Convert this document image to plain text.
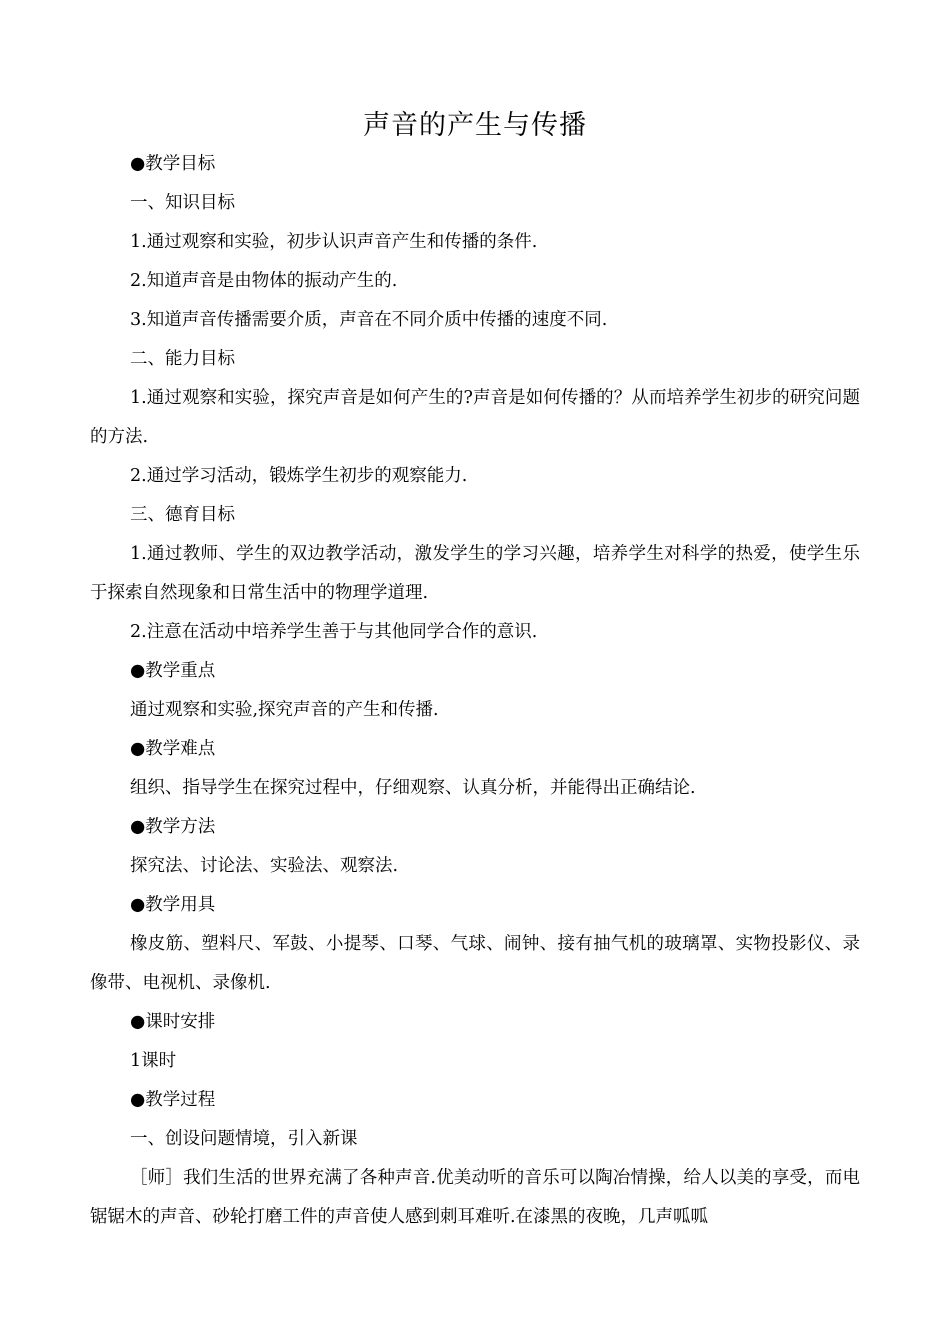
声音的产生与传播

●教学目标

一、知识目标

1.通过观察和实验，初步认识声音产生和传播的条件.

2.知道声音是由物体的振动产生的.

3.知道声音传播需要介质，声音在不同介质中传播的速度不同.

二、能力目标

1.通过观察和实验，探究声音是如何产生的?声音是如何传播的？从而培养学生初步的研究问题的方法.

2.通过学习活动，锻炼学生初步的观察能力.

三、德育目标

1.通过教师、学生的双边教学活动，激发学生的学习兴趣，培养学生对科学的热爱，使学生乐于探索自然现象和日常生活中的物理学道理.

2.注意在活动中培养学生善于与其他同学合作的意识.

●教学重点

通过观察和实验,探究声音的产生和传播.

●教学难点

组织、指导学生在探究过程中，仔细观察、认真分析，并能得出正确结论.

●教学方法

探究法、讨论法、实验法、观察法.

●教学用具

橡皮筋、塑料尺、军鼓、小提琴、口琴、气球、闹钟、接有抽气机的玻璃罩、实物投影仪、录像带、电视机、录像机.

●课时安排

1课时

●教学过程

一、创设问题情境，引入新课

［师］我们生活的世界充满了各种声音.优美动听的音乐可以陶冶情操，给人以美的享受，而电锯锯木的声音、砂轮打磨工件的声音使人感到刺耳难听.在漆黑的夜晚，几声呱呱
